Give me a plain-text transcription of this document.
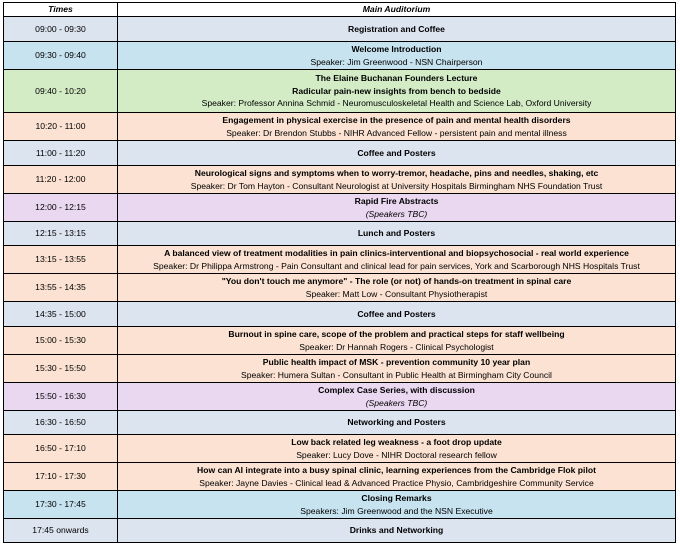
Times	Main Auditorium
09:00 - 09:30	Registration and Coffee

09:30 - 09:40	Welcome Introduction
Speaker: Jim Greenwood - NSN Chairperson

09:40 - 10:20	The Elaine Buchanan Founders Lecture
Radicular pain-new insights from bench to bedside
Speaker: Professor Annina Schmid - Neuromusculoskeletal Health and Science Lab, Oxford University

10:20 - 11:00	Engagement in physical exercise in the presence of pain and mental health disorders
Speaker: Dr Brendon Stubbs - NIHR Advanced Fellow - persistent pain and mental illness

11:00 - 11:20	Coffee and Posters

11:20 - 12:00	Neurological signs and symptoms when to worry-tremor, headache, pins and needles, shaking, etc
Speaker: Dr Tom Hayton - Consultant Neurologist at University Hospitals Birmingham NHS Foundation Trust

12:00 - 12:15	Rapid Fire Abstracts
(Speakers TBC)

12:15 - 13:15	Lunch and Posters

13:15 - 13:55	A balanced view of treatment modalities in pain clinics-interventional and biopsychosocial - real world experience
Speaker: Dr Philippa Armstrong - Pain Consultant and clinical lead for pain services, York and Scarborough NHS Hospitals Trust

13:55 - 14:35	"You don't touch me anymore" - The role (or not) of hands-on treatment in spinal care
Speaker: Matt Low - Consultant Physiotherapist

14:35 - 15:00	Coffee and Posters

15:00 - 15:30	Burnout in spine care, scope of the problem and practical steps for staff wellbeing
Speaker: Dr Hannah Rogers - Clinical Psychologist

15:30 - 15:50	Public health impact of MSK - prevention community 10 year plan
Speaker: Humera Sultan - Consultant in Public Health at Birmingham City Council

15:50 - 16:30	Complex Case Series, with discussion
(Speakers TBC)

16:30 - 16:50	Networking and Posters

16:50 - 17:10	Low back related leg weakness - a foot drop update
Speaker: Lucy Dove - NIHR Doctoral research fellow

17:10 - 17:30	How can AI integrate into a busy spinal clinic, learning experiences from the Cambridge Flok pilot
Speaker: Jayne Davies - Clinical lead & Advanced Practice Physio, Cambridgeshire Community Service

17:30 - 17:45	Closing Remarks
Speakers: Jim Greenwood and the NSN Executive

17:45 onwards	Drinks and Networking
